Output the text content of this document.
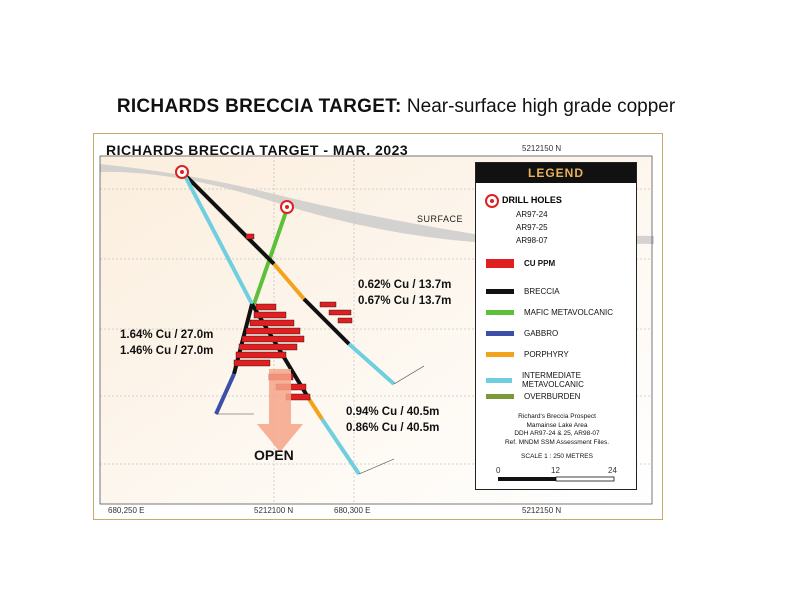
RICHARDS BRECCIA TARGET: Near-surface high grade copper
RICHARDS BRECCIA TARGET - MAR. 2023	5212150 N
680,250 E	5212100 N	680,300 E	5212150 N
SURFACE
OPEN
0.62% Cu / 13.7m
0.67% Cu / 13.7m
1.64% Cu / 27.0m
1.46% Cu / 27.0m
0.94% Cu / 40.5m
0.86% Cu / 40.5m
LEGEND
DRILL HOLES
AR97-24
AR97-25
AR98-07
CU PPM
BRECCIA
MAFIC METAVOLCANIC
GABBRO
PORPHYRY
INTERMEDIATE METAVOLCANIC
OVERBURDEN
Richard's Breccia Prospect
Mamainse Lake Area
DDH AR97-24 & 25, AR98-07
Ref. MNDM SSM Assessment Files.
SCALE 1 : 250 METRES
0	12	24
